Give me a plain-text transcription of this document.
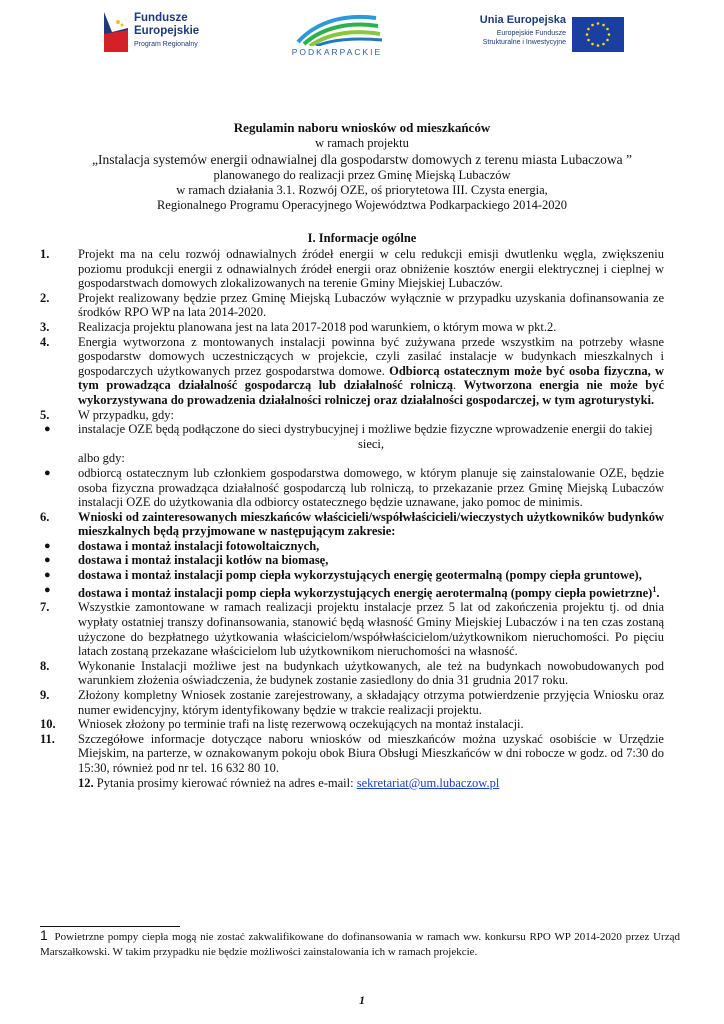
Fundusze
Europejskie
Program Regionalny
PODKARPACKIE
Unia Europejska
Europejskie Fundusze
Strukturalne i Inwestycyjne
Regulamin naboru wniosków od mieszkańców
w ramach projektu
„Instalacja systemów energii odnawialnej dla gospodarstw domowych z terenu miasta Lubaczowa ”
planowanego do realizacji przez Gminę Miejską Lubaczów
w ramach działania 3.1. Rozwój OZE, oś priorytetowa III. Czysta energia,
Regionalnego Programu Operacyjnego Województwa Podkarpackiego 2014-2020
I. Informacje ogólne

1.	Projekt ma na celu rozwój odnawialnych źródeł energii w celu redukcji emisji dwutlenku węgla, zwiększeniu poziomu produkcji energii z odnawialnych źródeł energii oraz obniżenie kosztów energii elektrycznej i cieplnej w gospodarstwach domowych zlokalizowanych na terenie Gminy Miejskiej Lubaczów.

2.	Projekt realizowany będzie przez Gminę Miejską Lubaczów wyłącznie w przypadku uzyskania dofinansowania ze środków RPO WP na lata 2014-2020.

3.	Realizacja projektu planowana jest na lata 2017-2018 pod warunkiem, o którym mowa w pkt.2.

4.	Energia wytworzona z montowanych instalacji powinna być zużywana przede wszystkim na potrzeby własne gospodarstw domowych uczestniczących w projekcie, czyli zasilać instalacje w budynkach mieszkalnych i gospodarczych użytkowanych przez gospodarstwa domowe. Odbiorcą ostatecznym może być osoba fizyczna, w tym prowadząca działalność gospodarczą lub działalność rolniczą. Wytworzona energia nie może być wykorzystywana do prowadzenia działalności rolniczej oraz działalności gospodarczej, w tym agroturystyki.

5.	W przypadku, gdy:

●	instalacje OZE będą podłączone do sieci dystrybucyjnej i możliwe będzie fizyczne wprowadzenie energii do takiej
sieci,

albo gdy:

●	odbiorcą ostatecznym lub członkiem gospodarstwa domowego, w którym planuje się zainstalowanie OZE, będzie osoba fizyczna prowadząca działalność gospodarczą lub rolniczą, to przekazanie przez Gminę Miejską Lubaczów instalacji OZE do użytkowania dla odbiorcy ostatecznego będzie uznawane, jako pomoc de minimis.

6.	Wnioski od zainteresowanych mieszkańców właścicieli/współwłaścicieli/wieczystych użytkowników budynków mieszkalnych będą przyjmowane w następującym zakresie:

●	dostawa i montaż instalacji fotowoltaicznych,

●	dostawa i montaż instalacji kotłów na biomasę,

●	dostawa i montaż instalacji pomp ciepła wykorzystujących energię geotermalną (pompy ciepła gruntowe),

●	dostawa i montaż instalacji pomp ciepła wykorzystujących energię aerotermalną (pompy ciepła powietrzne)$^1$.

7.	Wszystkie zamontowane w ramach realizacji projektu instalacje przez 5 lat od zakończenia projektu tj. od dnia wypłaty ostatniej transzy dofinansowania, stanowić będą własność Gminy Miejskiej Lubaczów i na ten czas zostaną użyczone do bezpłatnego użytkowania właścicielom/współwłaścicielom/użytkownikom nieruchomości. Po pięciu latach zostaną przekazane właścicielom lub użytkownikom nieruchomości na własność.

8.	Wykonanie Instalacji możliwe jest na budynkach użytkowanych, ale też na budynkach nowobudowanych pod warunkiem złożenia oświadczenia, że budynek zostanie zasiedlony do dnia 31 grudnia 2017 roku.

9.	Złożony kompletny Wniosek zostanie zarejestrowany, a składający otrzyma potwierdzenie przyjęcia Wniosku oraz numer ewidencyjny, którym identyfikowany będzie w trakcie realizacji projektu.

10.	Wniosek złożony po terminie trafi na listę rezerwową oczekujących na montaż instalacji.

11.	Szczegółowe informacje dotyczące naboru wniosków od mieszkańców można uzyskać osobiście w Urzędzie Miejskim, na parterze, w oznakowanym pokoju obok Biura Obsługi Mieszkańców w dni robocze w godz. od 7:30 do 15:30, również pod nr tel. 16 632 80 10.

12. Pytania prosimy kierować również na adres e-mail: sekretariat@um.lubaczow.pl

1 Powietrzne pompy ciepła mogą nie zostać zakwalifikowane do dofinansowania w ramach ww. konkursu RPO WP 2014-2020 przez Urząd Marszałkowski. W takim przypadku nie będzie możliwości zainstalowania ich w ramach projekcie.
1
